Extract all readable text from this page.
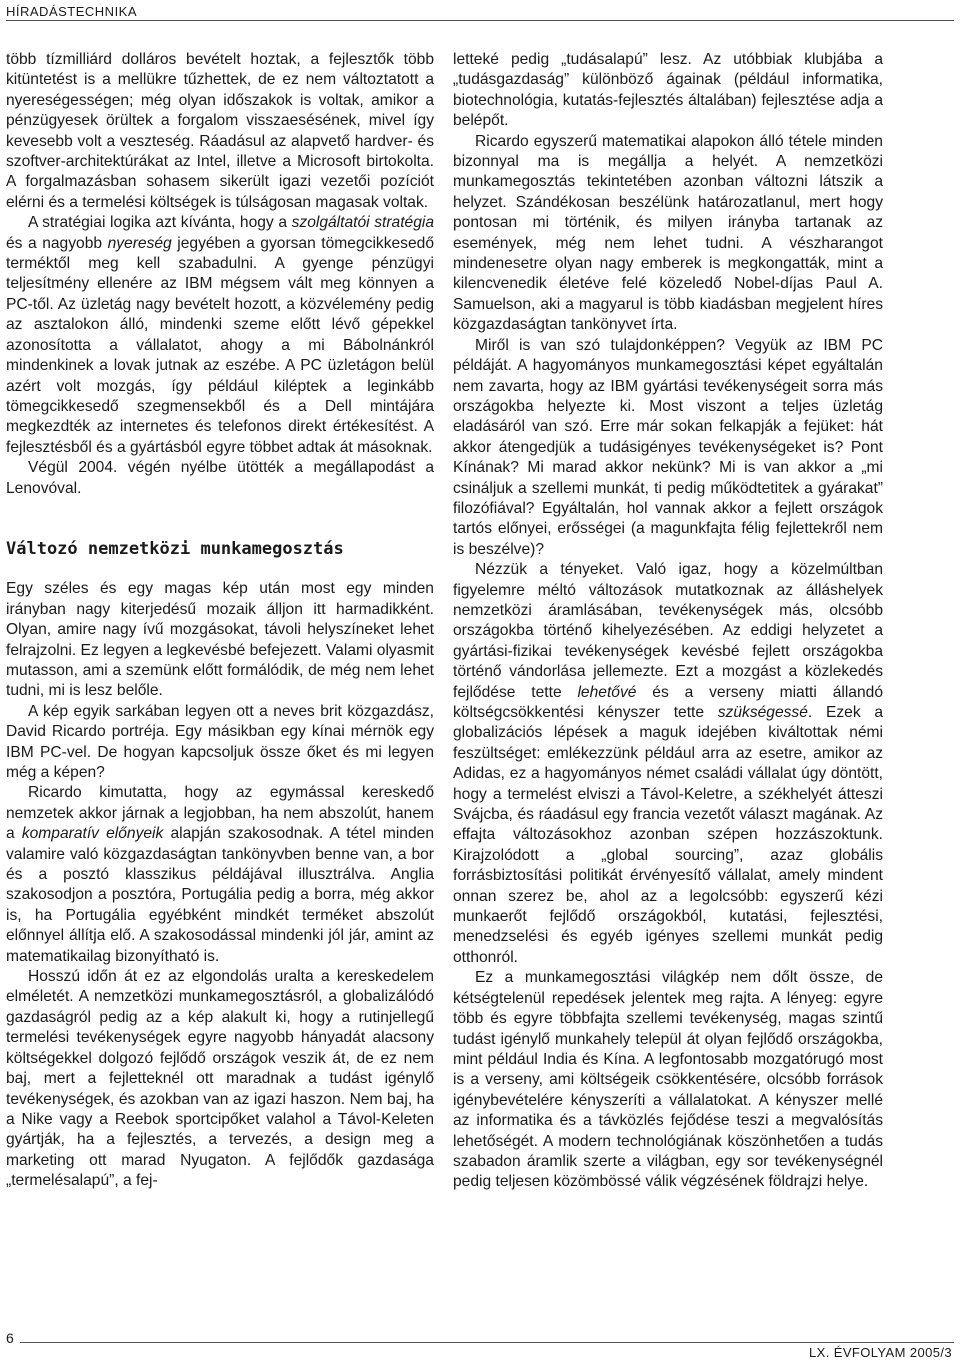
HÍRADÁSTECHNIKA

több tízmilliárd dolláros bevételt hoztak, a fejlesztők több kitüntetést is a mellükre tűzhettek, de ez nem változtatott a nyereségességen; még olyan időszakok is voltak, amikor a pénzügyesek örültek a forgalom visszaesésének, mivel így kevesebb volt a veszteség. Ráadásul az alapvető hardver- és szoftver-architektúrákat az Intel, illetve a Microsoft birtokolta. A forgalmazásban sohasem sikerült igazi vezetői pozíciót elérni és a termelési költségek is túlságosan magasak voltak.

A stratégiai logika azt kívánta, hogy a szolgáltatói stratégia és a nagyobb nyereség jegyében a gyorsan tömegcikkesedő terméktől meg kell szabadulni. A gyenge pénzügyi teljesítmény ellenére az IBM mégsem vált meg könnyen a PC-től. Az üzletág nagy bevételt hozott, a közvélemény pedig az asztalokon álló, mindenki szeme előtt lévő gépekkel azonosította a vállalatot, ahogy a mi Bábolnánkról mindenkinek a lovak jutnak az eszébe. A PC üzletágon belül azért volt mozgás, így például kiléptek a leginkább tömegcikkesedő szegmensekből és a Dell mintájára megkezdték az internetes és telefonos direkt értékesítést. A fejlesztésből és a gyártásból egyre többet adtak át másoknak.

Végül 2004. végén nyélbe ütötték a megállapodást a Lenovóval.

Változó nemzetközi munkamegosztás

Egy széles és egy magas kép után most egy minden irányban nagy kiterjedésű mozaik álljon itt harmadikként. Olyan, amire nagy ívű mozgásokat, távoli helyszíneket lehet felrajzolni. Ez legyen a legkevésbé befejezett. Valami olyasmit mutasson, ami a szemünk előtt formálódik, de még nem lehet tudni, mi is lesz belőle.

A kép egyik sarkában legyen ott a neves brit közgazdász, David Ricardo portréja. Egy másikban egy kínai mérnök egy IBM PC-vel. De hogyan kapcsoljuk össze őket és mi legyen még a képen?

Ricardo kimutatta, hogy az egymással kereskedő nemzetek akkor járnak a legjobban, ha nem abszolút, hanem a komparatív előnyeik alapján szakosodnak. A tétel minden valamire való közgazdaságtan tankönyvben benne van, a bor és a posztó klasszikus példájával illusztrálva. Anglia szakosodjon a posztóra, Portugália pedig a borra, még akkor is, ha Portugália egyébként mindkét terméket abszolút előnnyel állítja elő. A szakosodással mindenki jól jár, amint az matematikailag bizonyítható is.

Hosszú időn át ez az elgondolás uralta a kereskedelem elméletét. A nemzetközi munkamegosztásról, a globalizálódó gazdaságról pedig az a kép alakult ki, hogy a rutinjellegű termelési tevékenységek egyre nagyobb hányadát alacsony költségekkel dolgozó fejlődő országok veszik át, de ez nem baj, mert a fejletteknél ott maradnak a tudást igénylő tevékenységek, és azokban van az igazi haszon. Nem baj, ha a Nike vagy a Reebok sportcipőket valahol a Távol-Keleten gyártják, ha a fejlesztés, a tervezés, a design meg a marketing ott marad Nyugaton. A fejlődők gazdasága „termelésalapú”, a fej-

letteké pedig „tudásalapú” lesz. Az utóbbiak klubjába a „tudásgazdaság” különböző ágainak (például informatika, biotechnológia, kutatás-fejlesztés általában) fejlesztése adja a belépőt.

Ricardo egyszerű matematikai alapokon álló tétele minden bizonnyal ma is megállja a helyét. A nemzetközi munkamegosztás tekintetében azonban változni látszik a helyzet. Szándékosan beszélünk határozatlanul, mert hogy pontosan mi történik, és milyen irányba tartanak az események, még nem lehet tudni. A vészharangot mindenesetre olyan nagy emberek is megkongatták, mint a kilencvenedik életéve felé közeledő Nobel-díjas Paul A. Samuelson, aki a magyarul is több kiadásban megjelent híres közgazdaságtan tankönyvet írta.

Miről is van szó tulajdonképpen? Vegyük az IBM PC példáját. A hagyományos munkamegosztási képet egyáltalán nem zavarta, hogy az IBM gyártási tevékenységeit sorra más országokba helyezte ki. Most viszont a teljes üzletág eladásáról van szó. Erre már sokan felkapják a fejüket: hát akkor átengedjük a tudásigényes tevékenységeket is? Pont Kínának? Mi marad akkor nekünk? Mi is van akkor a „mi csináljuk a szellemi munkát, ti pedig működtetitek a gyárakat” filozófiával? Egyáltalán, hol vannak akkor a fejlett országok tartós előnyei, erősségei (a magunkfajta félig fejlettekről nem is beszélve)?

Nézzük a tényeket. Való igaz, hogy a közelmúltban figyelemre méltó változások mutatkoznak az álláshelyek nemzetközi áramlásában, tevékenységek más, olcsóbb országokba történő kihelyezésében. Az eddigi helyzetet a gyártási-fizikai tevékenységek kevésbé fejlett országokba történő vándorlása jellemezte. Ezt a mozgást a közlekedés fejlődése tette lehetővé és a verseny miatti állandó költségcsökkentési kényszer tette szükségessé. Ezek a globalizációs lépések a maguk idejében kiváltottak némi feszültséget: emlékezzünk például arra az esetre, amikor az Adidas, ez a hagyományos német családi vállalat úgy döntött, hogy a termelést elviszi a Távol-Keletre, a székhelyét átteszi Svájcba, és ráadásul egy francia vezetőt választ magának. Az effajta változásokhoz azonban szépen hozzászoktunk. Kirajzolódott a „global sourcing”, azaz globális forrásbiztosítási politikát érvényesítő vállalat, amely mindent onnan szerez be, ahol az a legolcsóbb: egyszerű kézi munkaerőt fejlődő országokból, kutatási, fejlesztési, menedzselési és egyéb igényes szellemi munkát pedig otthonról.

Ez a munkamegosztási világkép nem dőlt össze, de kétségtelenül repedések jelentek meg rajta. A lényeg: egyre több és egyre többfajta szellemi tevékenység, magas szintű tudást igénylő munkahely települ át olyan fejlődő országokba, mint például India és Kína. A legfontosabb mozgatórugó most is a verseny, ami költségeik csökkentésére, olcsóbb források igénybevételére kényszeríti a vállalatokat. A kényszer mellé az informatika és a távközlés fejődése teszi a megvalósítás lehetőségét. A modern technológiának köszönhetően a tudás szabadon áramlik szerte a világban, egy sor tevékenységnél pedig teljesen közömbössé válik végzésének földrajzi helye.

6
LX. ÉVFOLYAM 2005/3
